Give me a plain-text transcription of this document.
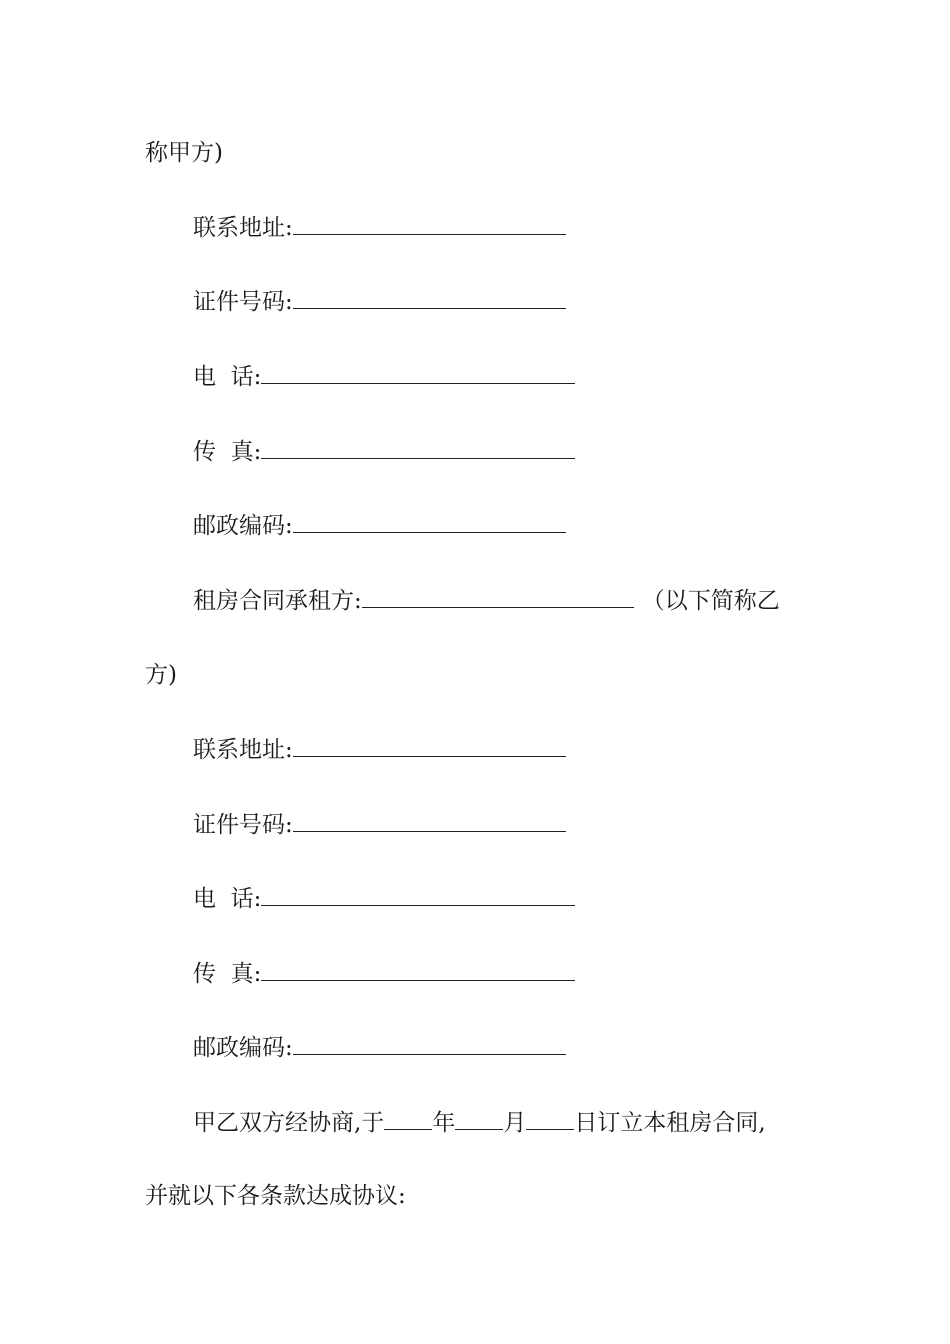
称甲方)
联系地址:
证件号码:
电  话:
传  真:
邮政编码:
租房合同承租方:	（以下简称乙
方)
联系地址:
证件号码:
电  话:
传  真:
邮政编码:
甲乙双方经协商,于 年 月 日订立本租房合同,
并就以下各条款达成协议:
